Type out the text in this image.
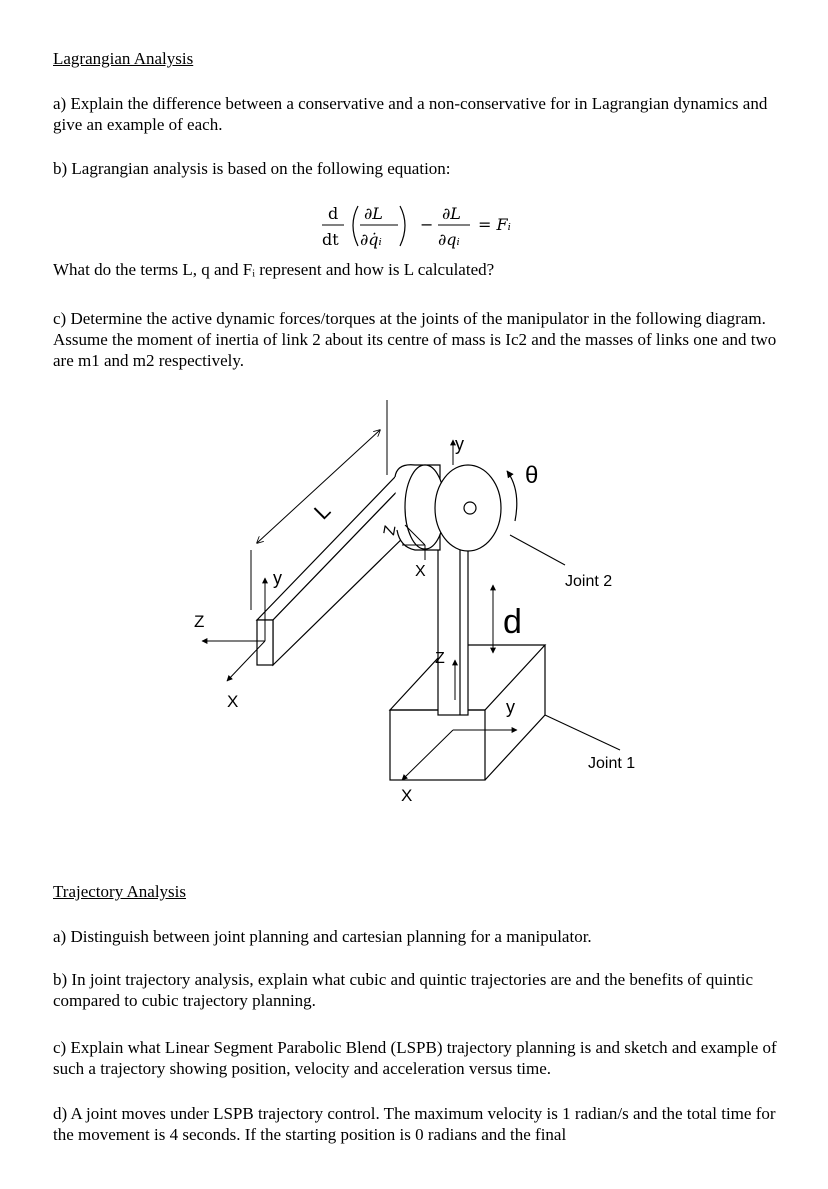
Lagrangian Analysis

a) Explain the difference between a conservative and a non-conservative for in Lagrangian dynamics and give an example of each.

b) Lagrangian analysis is based on the following equation:

d
dt
∂L
∂q̇ᵢ
−
∂L
∂qᵢ
= Fᵢ

What do the terms L, q and Fᵢ represent and how is L calculated?

c) Determine the active dynamic forces/torques at the joints of the manipulator in the following diagram. Assume the moment of inertia of link 2 about its centre of mass is Ic2 and the masses of links one and two are m1 and m2 respectively.

L
θ
d
Joint 2
Joint 1
y
Z
X
Z
X
y
Z
y
X

Trajectory Analysis

a) Distinguish between joint planning and cartesian planning for a manipulator.

b) In joint trajectory analysis, explain what cubic and quintic trajectories are and the benefits of quintic compared to cubic trajectory planning.

c) Explain what Linear Segment Parabolic Blend (LSPB) trajectory planning is and sketch and example of such a trajectory showing position, velocity and acceleration versus time.

d) A joint moves under LSPB trajectory control. The maximum velocity is 1 radian/s and the total time for the movement is 4 seconds. If the starting position is 0 radians and the final
